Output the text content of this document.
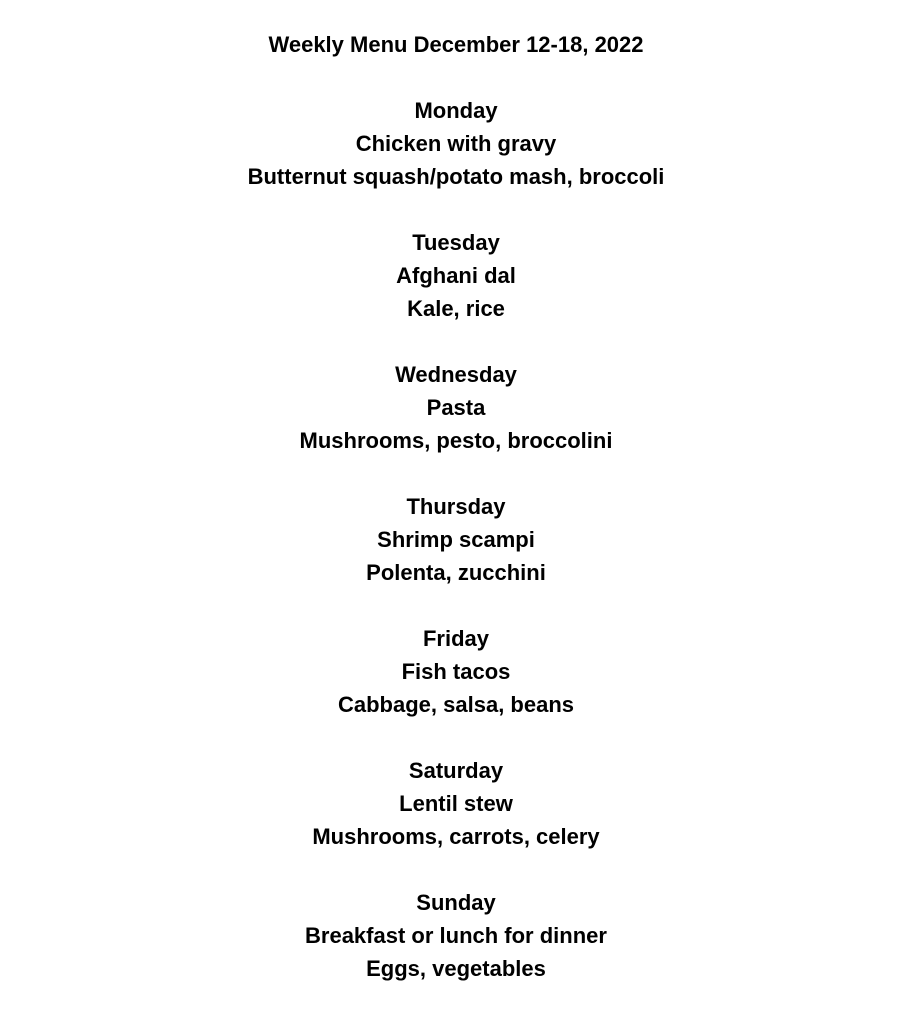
Weekly Menu December 12-18, 2022
Monday
Chicken with gravy
Butternut squash/potato mash, broccoli
Tuesday
Afghani dal
Kale, rice
Wednesday
Pasta
Mushrooms, pesto, broccolini
Thursday
Shrimp scampi
Polenta, zucchini
Friday
Fish tacos
Cabbage, salsa, beans
Saturday
Lentil stew
Mushrooms, carrots, celery
Sunday
Breakfast or lunch for dinner
Eggs, vegetables
